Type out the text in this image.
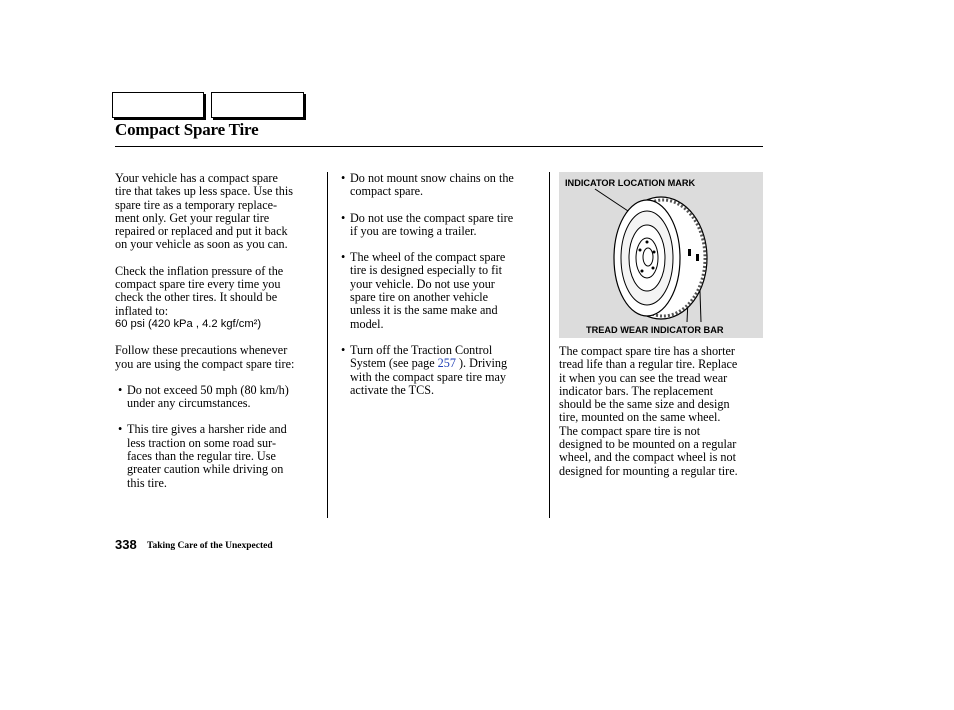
Compact Spare Tire

Your vehicle has a compact spare
tire that takes up less space. Use this
spare tire as a temporary replace-
ment only. Get your regular tire
repaired or replaced and put it back
on your vehicle as soon as you can.

Check the inflation pressure of the
compact spare tire every time you
check the other tires. It should be
inflated to:
60 psi (420 kPa , 4.2 kgf/cm²)

Follow these precautions whenever
you are using the compact spare tire:

• Do not exceed 50 mph (80 km/h)
under any circumstances.

• This tire gives a harsher ride and
less traction on some road sur-
faces than the regular tire. Use
greater caution while driving on
this tire.

• Do not mount snow chains on the
compact spare.

• Do not use the compact spare tire
if you are towing a trailer.

• The wheel of the compact spare
tire is designed especially to fit
your vehicle. Do not use your
spare tire on another vehicle
unless it is the same make and
model.

• Turn off the Traction Control
System (see page 257 ). Driving
with the compact spare tire may
activate the TCS.

INDICATOR LOCATION MARK
TREAD WEAR INDICATOR BAR

The compact spare tire has a shorter
tread life than a regular tire. Replace
it when you can see the tread wear
indicator bars. The replacement
should be the same size and design
tire, mounted on the same wheel.
The compact spare tire is not
designed to be mounted on a regular
wheel, and the compact wheel is not
designed for mounting a regular tire.

338 Taking Care of the Unexpected
